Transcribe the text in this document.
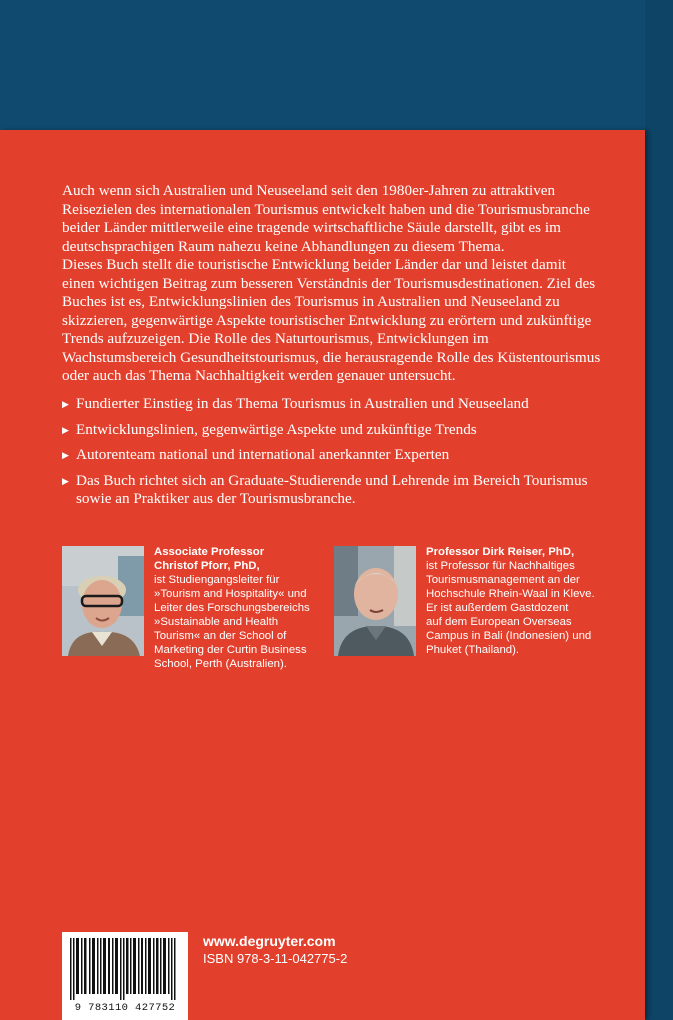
Auch wenn sich Australien und Neuseeland seit den 1980er-Jahren zu attraktiven Reisezielen des internationalen Tourismus entwickelt haben und die Tourismusbranche beider Länder mittlerweile eine tragende wirtschaftliche Säule darstellt, gibt es im deutschsprachigen Raum nahezu keine Abhandlungen zu diesem Thema.

Dieses Buch stellt die touristische Entwicklung beider Länder dar und leistet damit einen wichtigen Beitrag zum besseren Verständnis der Tourismusdestinationen. Ziel des Buches ist es, Entwicklungslinien des Tourismus in Australien und Neuseeland zu skizzieren, gegenwärtige Aspekte touristischer Entwicklung zu erörtern und zukünftige Trends aufzuzeigen. Die Rolle des Naturtourismus, Entwicklungen im Wachstumsbereich Gesundheitstourismus, die herausragende Rolle des Küstentourismus oder auch das Thema Nachhaltigkeit werden genauer untersucht.

▶ Fundierter Einstieg in das Thema Tourismus in Australien und Neuseeland
▶ Entwicklungslinien, gegenwärtige Aspekte und zukünftige Trends
▶ Autorenteam national und international anerkannter Experten
▶ Das Buch richtet sich an Graduate-Studierende und Lehrende im Bereich Tourismus sowie an Praktiker aus der Tourismusbranche.
Associate Professor
Christof Pforr, PhD,
ist Studiengangsleiter für
»Tourism and Hospitality« und
Leiter des Forschungsbereichs
»Sustainable and Health
Tourism« an der School of
Marketing der Curtin Business
School, Perth (Australien).
Professor Dirk Reiser, PhD,
ist Professor für Nachhaltiges
Tourismusmanagement an der
Hochschule Rhein-Waal in Kleve.
Er ist außerdem Gastdozent
auf dem European Overseas
Campus in Bali (Indonesien) und
Phuket (Thailand).
9 783110 427752
www.degruyter.com
ISBN 978-3-11-042775-2
